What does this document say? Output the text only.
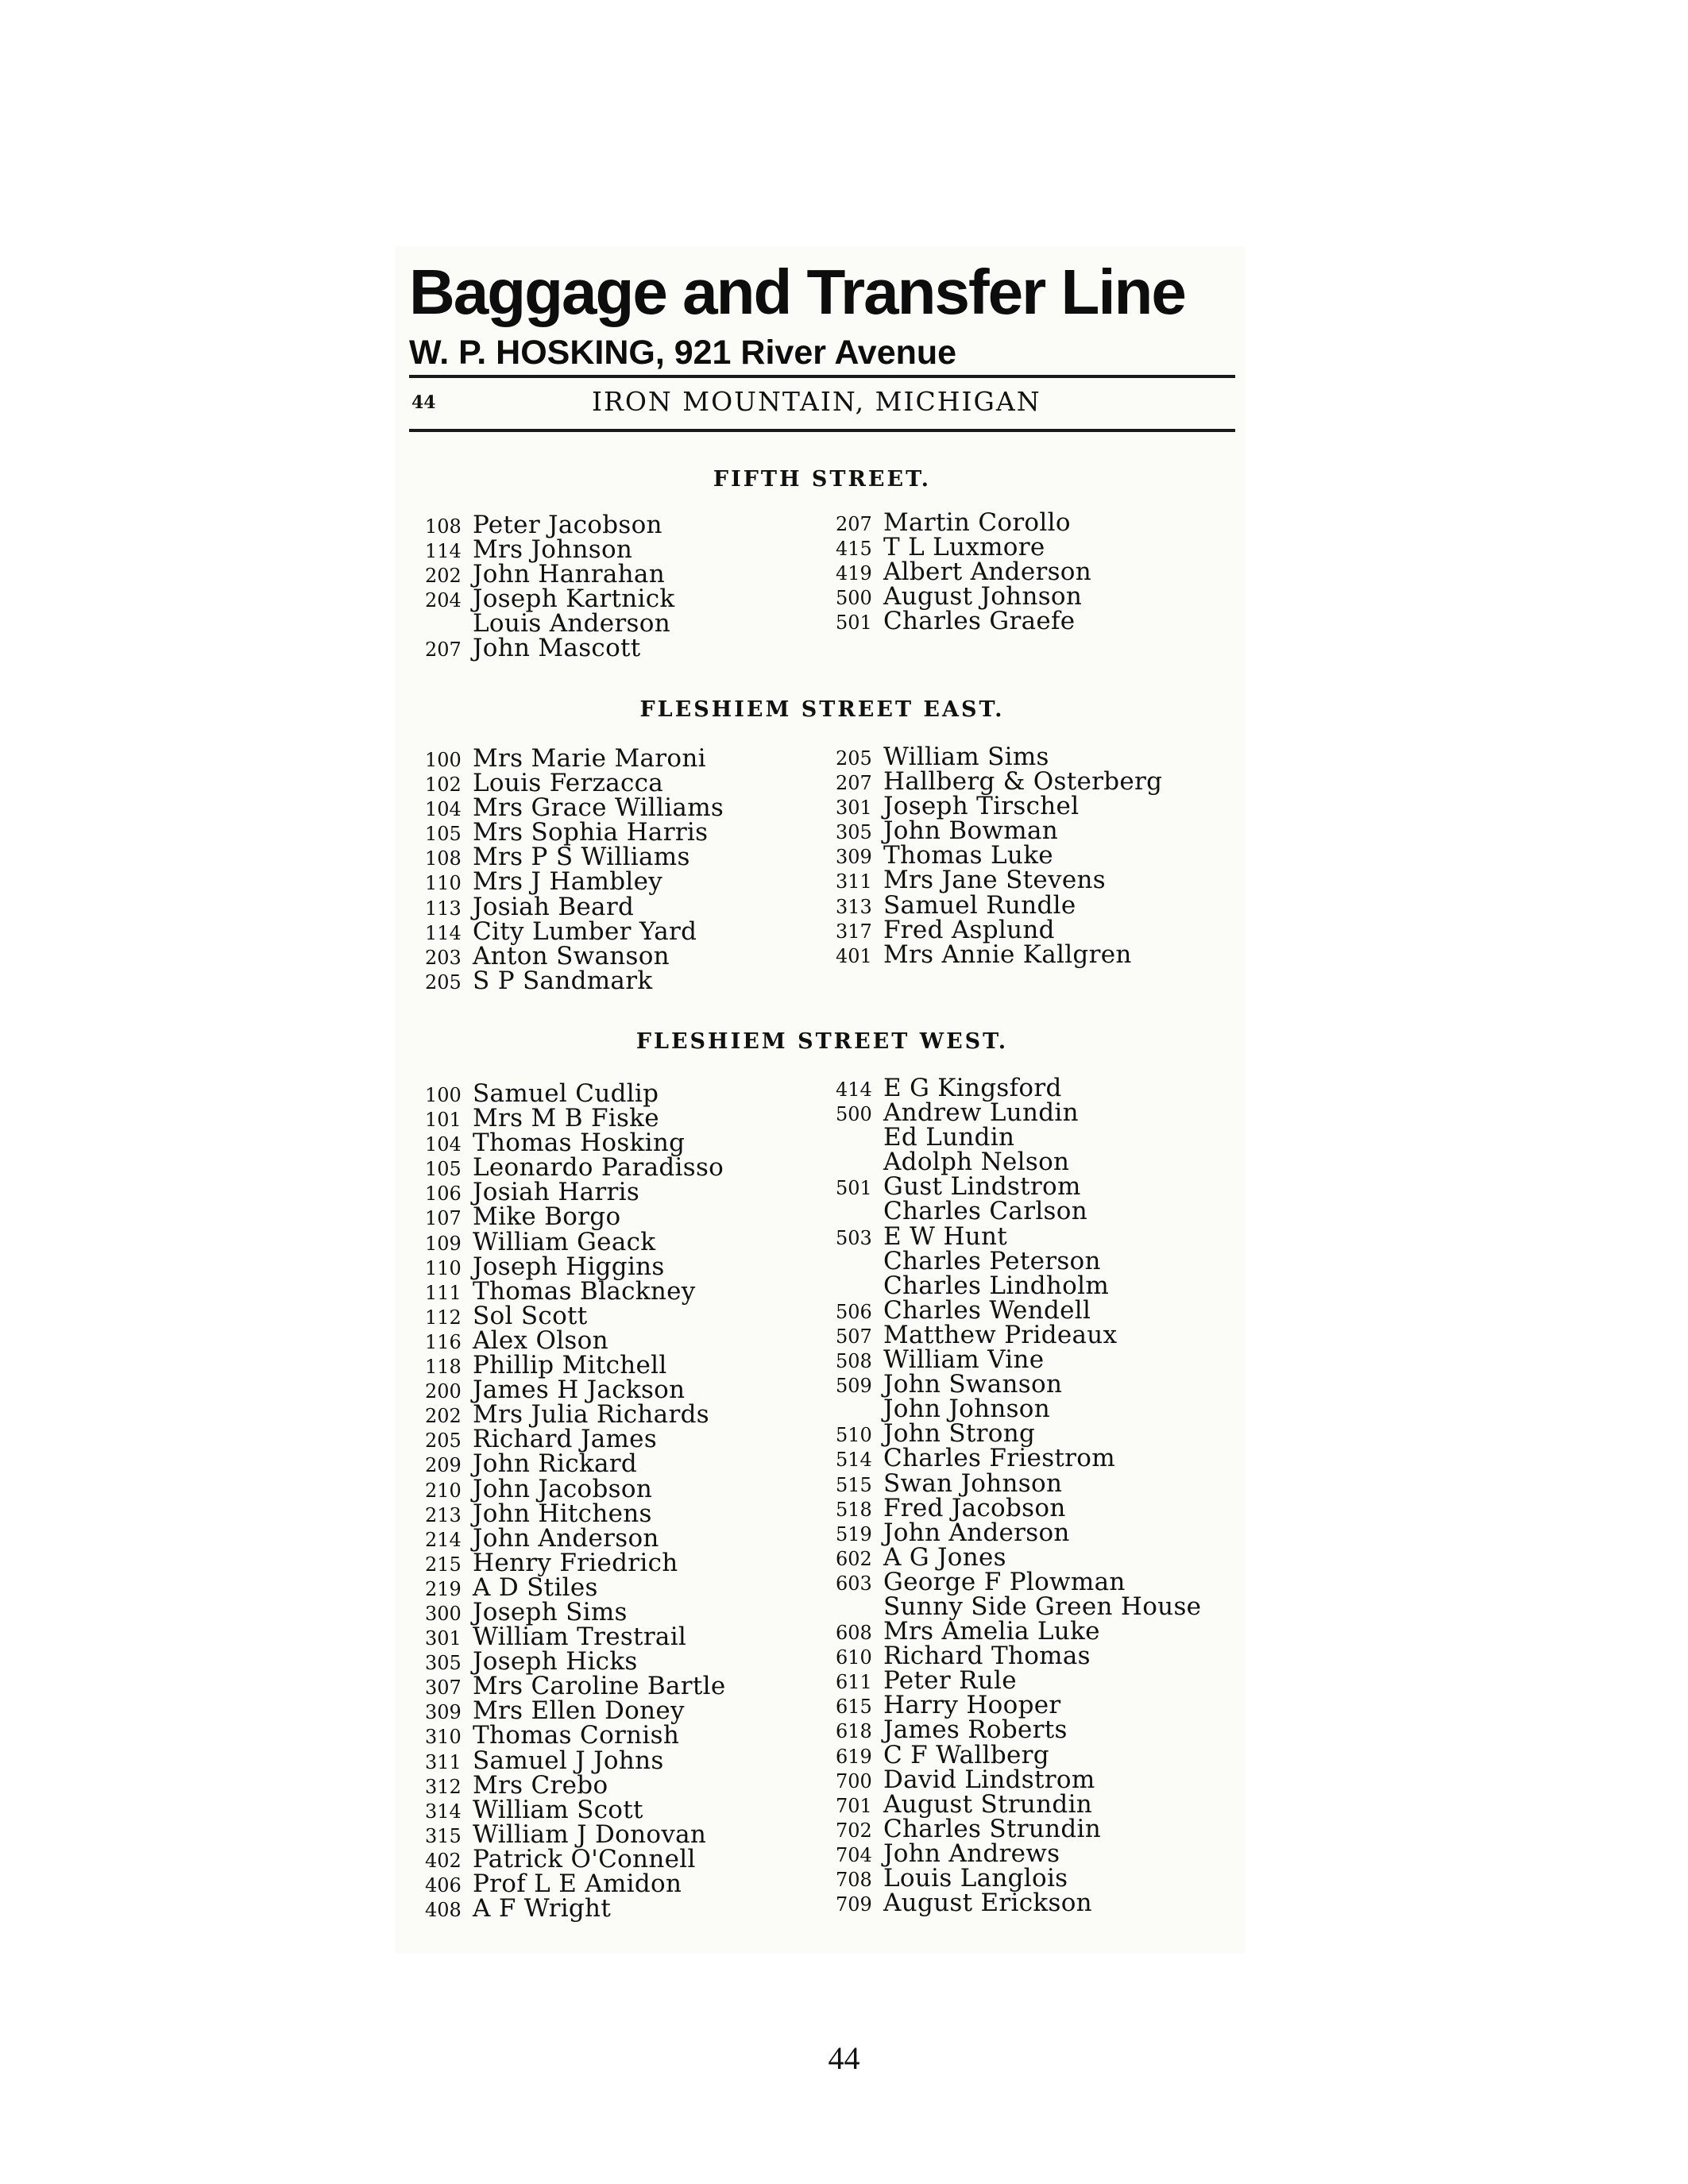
Baggage and Transfer Line
W. P. HOSKING, 921 River Avenue
44	IRON MOUNTAIN, MICHIGAN
FIFTH STREET.
108 Peter Jacobson
114 Mrs Johnson
202 John Hanrahan
204 Joseph Kartnick
Louis Anderson
207 John Mascott
207 Martin Corollo
415 T L Luxmore
419 Albert Anderson
500 August Johnson
501 Charles Graefe
FLESHIEM STREET EAST.
100 Mrs Marie Maroni
102 Louis Ferzacca
104 Mrs Grace Williams
105 Mrs Sophia Harris
108 Mrs P S Williams
110 Mrs J Hambley
113 Josiah Beard
114 City Lumber Yard
203 Anton Swanson
205 S P Sandmark
205 William Sims
207 Hallberg & Osterberg
301 Joseph Tirschel
305 John Bowman
309 Thomas Luke
311 Mrs Jane Stevens
313 Samuel Rundle
317 Fred Asplund
401 Mrs Annie Kallgren
FLESHIEM STREET WEST.
100 Samuel Cudlip
101 Mrs M B Fiske
104 Thomas Hosking
105 Leonardo Paradisso
106 Josiah Harris
107 Mike Borgo
109 William Geack
110 Joseph Higgins
111 Thomas Blackney
112 Sol Scott
116 Alex Olson
118 Phillip Mitchell
200 James H Jackson
202 Mrs Julia Richards
205 Richard James
209 John Rickard
210 John Jacobson
213 John Hitchens
214 John Anderson
215 Henry Friedrich
219 A D Stiles
300 Joseph Sims
301 William Trestrail
305 Joseph Hicks
307 Mrs Caroline Bartle
309 Mrs Ellen Doney
310 Thomas Cornish
311 Samuel J Johns
312 Mrs Crebo
314 William Scott
315 William J Donovan
402 Patrick O'Connell
406 Prof L E Amidon
408 A F Wright
414 E G Kingsford
500 Andrew Lundin
Ed Lundin
Adolph Nelson
501 Gust Lindstrom
Charles Carlson
503 E W Hunt
Charles Peterson
Charles Lindholm
506 Charles Wendell
507 Matthew Prideaux
508 William Vine
509 John Swanson
John Johnson
510 John Strong
514 Charles Friestrom
515 Swan Johnson
518 Fred Jacobson
519 John Anderson
602 A G Jones
603 George F Plowman
Sunny Side Green House
608 Mrs Amelia Luke
610 Richard Thomas
611 Peter Rule
615 Harry Hooper
618 James Roberts
619 C F Wallberg
700 David Lindstrom
701 August Strundin
702 Charles Strundin
704 John Andrews
708 Louis Langlois
709 August Erickson
44
